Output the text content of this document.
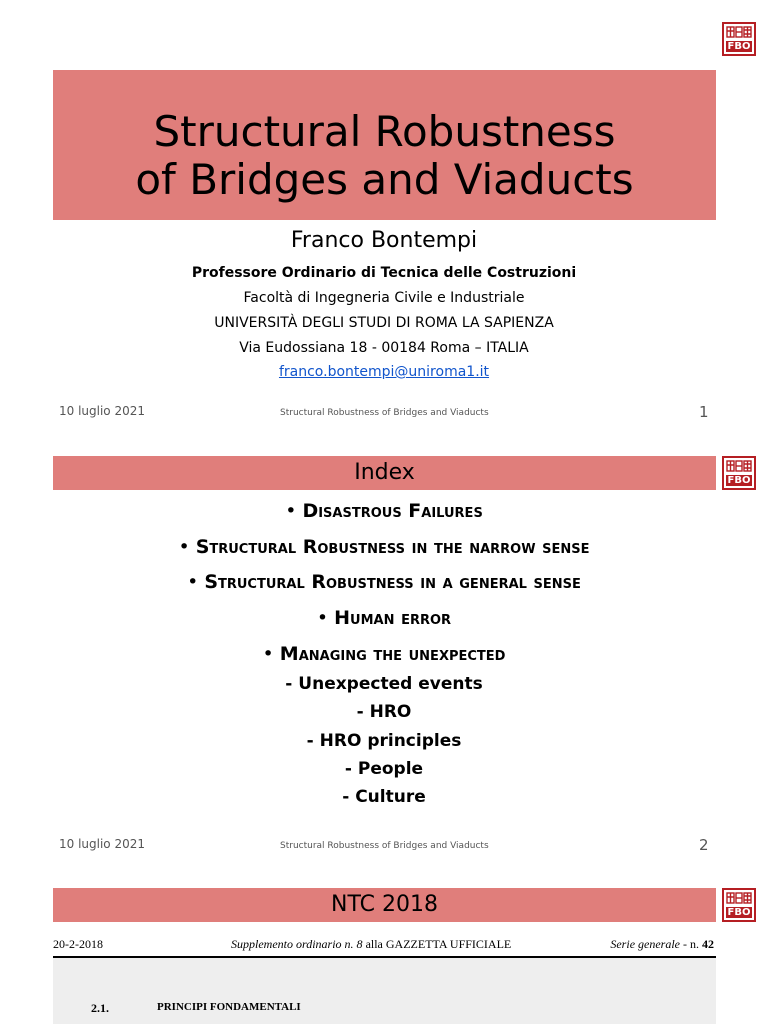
FBO
Structural Robustness
of Bridges and Viaducts
Franco Bontempi
Professore Ordinario di Tecnica delle Costruzioni
Facoltà di Ingegneria Civile e Industriale
UNIVERSITÀ DEGLI STUDI DI ROMA LA SAPIENZA
Via Eudossiana 18 - 00184 Roma – ITALIA
franco.bontempi@uniroma1.it
10 luglio 2021	Structural Robustness of Bridges and Viaducts	1
FBO
Index
• Disastrous Failures
• Structural Robustness in the narrow sense
• Structural Robustness in a general sense
• Human error
• Managing the unexpected
- Unexpected events
- HRO
- HRO principles
- People
- Culture
10 luglio 2021	Structural Robustness of Bridges and Viaducts	2
FBO
NTC 2018
20-2-2018	Supplemento ordinario n. 8 alla GAZZETTA UFFICIALE	Serie generale - n. 42
2.1.	PRINCIPI FONDAMENTALI
